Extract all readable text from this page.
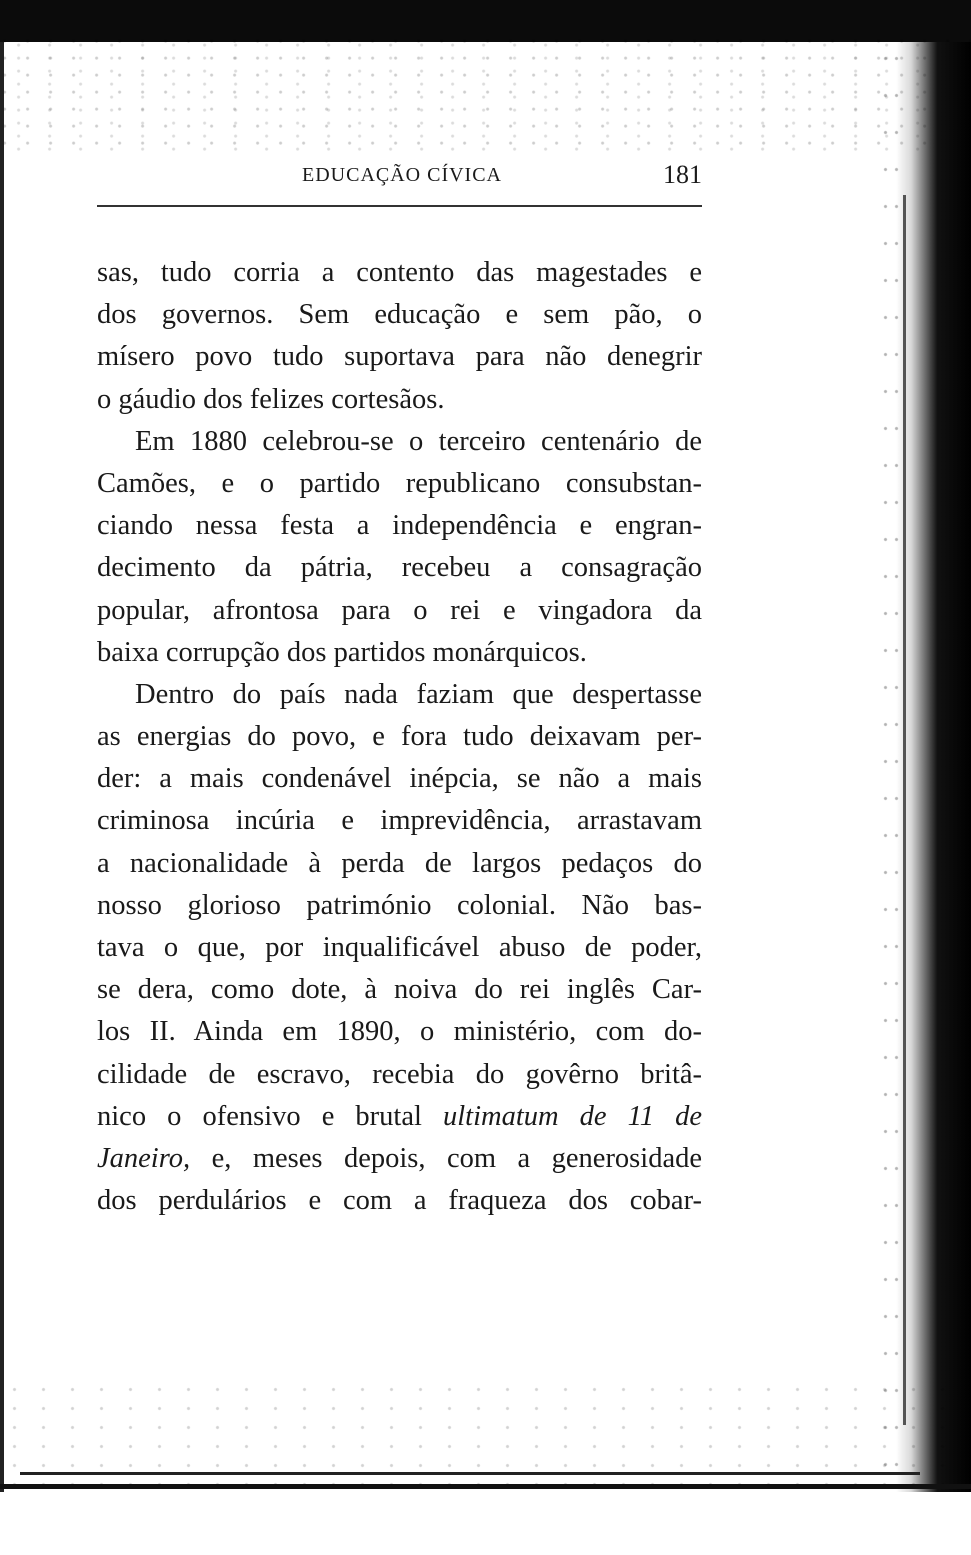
EDUCAÇÃO CÍVICA	181
sas, tudo corria a contento das magestades e
dos governos. Sem educação e sem pão, o
mísero povo tudo suportava para não denegrir
o gáudio dos felizes cortesãos.
Em 1880 celebrou-se o terceiro centenário de
Camões, e o partido republicano consubstan-
ciando nessa festa a independência e engran-
decimento da pátria, recebeu a consagração
popular, afrontosa para o rei e vingadora da
baixa corrupção dos partidos monárquicos.
Dentro do país nada faziam que despertasse
as energias do povo, e fora tudo deixavam per-
der: a mais condenável inépcia, se não a mais
criminosa incúria e imprevidência, arrastavam
a nacionalidade à perda de largos pedaços do
nosso glorioso património colonial. Não bas-
tava o que, por inqualificável abuso de poder,
se dera, como dote, à noiva do rei inglês Car-
los II. Ainda em 1890, o ministério, com do-
cilidade de escravo, recebia do govêrno britâ-
nico o ofensivo e brutal ultimatum de 11 de
Janeiro, e, meses depois, com a generosidade
dos perdulários e com a fraqueza dos cobar-
